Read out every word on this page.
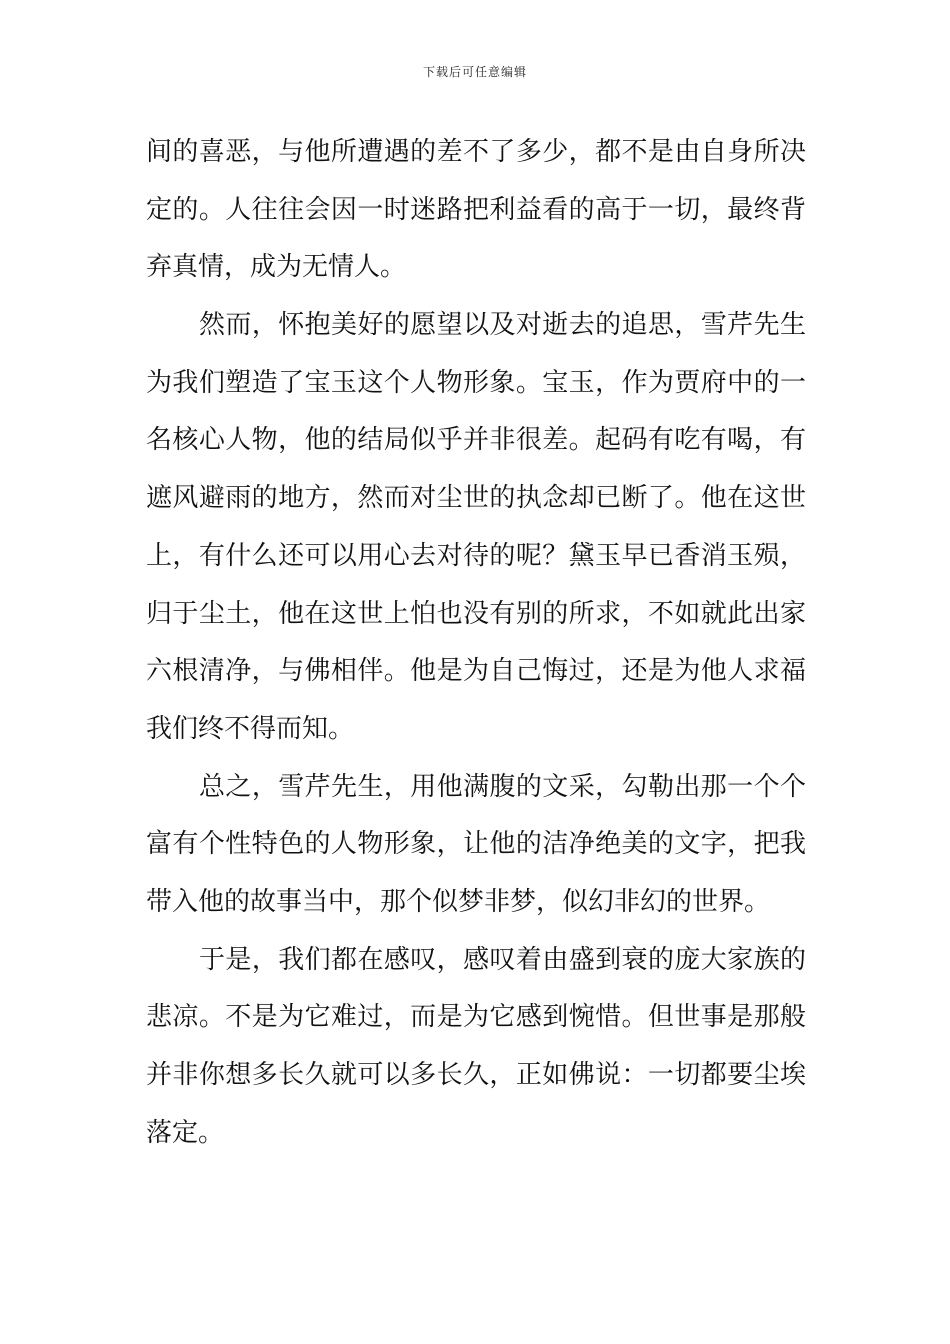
下载后可任意编辑
间的喜恶，与他所遭遇的差不了多少，都不是由自身所决
定的。人往往会因一时迷路把利益看的高于一切，最终背
弃真情，成为无情人。
然而，怀抱美好的愿望以及对逝去的追思，雪芹先生
为我们塑造了宝玉这个人物形象。宝玉，作为贾府中的一
名核心人物，他的结局似乎并非很差。起码有吃有喝，有
遮风避雨的地方，然而对尘世的执念却已断了。他在这世
上，有什么还可以用心去对待的呢？黛玉早已香消玉殒，
归于尘土，他在这世上怕也没有别的所求，不如就此出家
六根清净，与佛相伴。他是为自己悔过，还是为他人求福
我们终不得而知。
总之，雪芹先生，用他满腹的文采，勾勒出那一个个
富有个性特色的人物形象，让他的洁净绝美的文字，把我
带入他的故事当中，那个似梦非梦，似幻非幻的世界。
于是，我们都在感叹，感叹着由盛到衰的庞大家族的
悲凉。不是为它难过，而是为它感到惋惜。但世事是那般
并非你想多长久就可以多长久，正如佛说：一切都要尘埃
落定。
